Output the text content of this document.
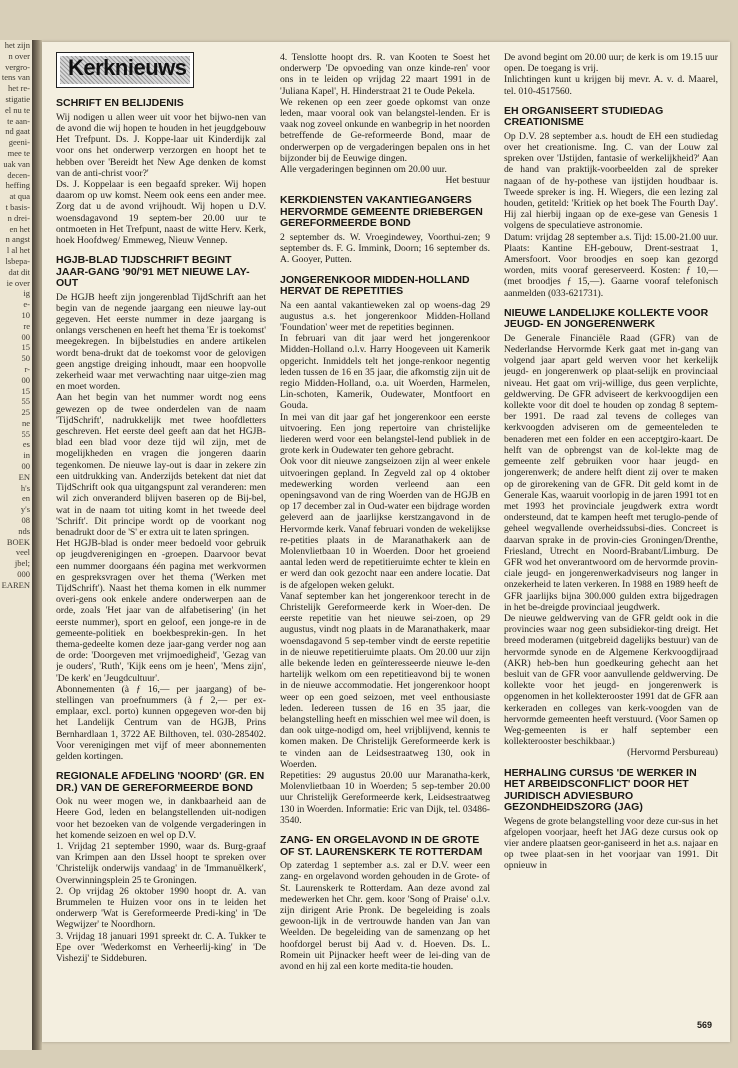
het zijn
n over
vergro-
tens van
het re-
stigatie
el nu te
te aan-
nd gaat
geeni-
mee te
uak van
decen-
heffing
at qua
t basis-
n drei-
en het
n angst
l al het
lsbepa-
dat dit
ie over
ig
e-
10
re
00
15
50
r-
00
15
55
25
ne
55
es
in
00
EN
h's
en
y's
08
nds
BOEK
veel
jbel;
000
EAREN
Kerknieuws
SCHRIFT EN BELIJDENIS

Wij nodigen u allen weer uit voor het bijwo-nen van de avond die wij hopen te houden in het jeugdgebouw Het Trefpunt. Ds. J. Koppe-laar uit Kinderdijk zal voor ons het onderwerp verzorgen en hoopt het te hebben over 'Bereidt het New Age denken de komst van de anti-christ voor?'

Ds. J. Koppelaar is een begaafd spreker. Wij hopen daarom op uw komst. Neem ook eens een ander mee. Zorg dat u de avond vrijhoudt. Wij hopen u D.V. woensdagavond 19 septem-ber 20.00 uur te ontmoeten in Het Trefpunt, naast de witte Herv. Kerk, hoek Hoofdweg/ Emmeweg, Nieuw Vennep.

HGJB-BLAD TIJDSCHRIFT BEGINT JAAR-GANG '90/'91 MET NIEUWE LAY-OUT

De HGJB heeft zijn jongerenblad TijdSchrift aan het begin van de negende jaargang een nieuwe lay-out gegeven. Het eerste nummer in deze jaargang is onlangs verschenen en heeft het thema 'Er is toekomst' meegekregen. In bijbelstudies en andere artikelen wordt bena-drukt dat de toekomst voor de gelovigen geen angstige dreiging inhoudt, maar een hoopvolle zekerheid waar met verwachting naar uitge-zien mag en moet worden.

Aan het begin van het nummer wordt nog eens gewezen op de twee onderdelen van de naam 'TijdSchrift', nadrukkelijk met twee hoofdletters geschreven. Het eerste deel geeft aan dat het HGJB-blad een blad voor deze tijd wil zijn, met de mogelijkheden en vragen die jongeren daarin tegenkomen. De nieuwe lay-out is daar in zekere zin een uitdrukking van. Anderzijds betekent dat niet dat TijdSchrift ook qua uitgangspunt zal veranderen: men wil zich onveranderd blijven baseren op de Bij-bel, wat in de naam tot uiting komt in het tweede deel 'Schrift'. Dit principe wordt op de voorkant nog benadrukt door de 'S' er extra uit te laten springen.

Het HGJB-blad is onder meer bedoeld voor gebruik op jeugdverenigingen en -groepen. Daarvoor bevat een nummer doorgaans één pagina met werkvormen en gespreksvragen over het thema ('Werken met TijdSchrift'). Naast het thema komen in elk nummer overi-gens ook enkele andere onderwerpen aan de orde, zoals 'Het jaar van de alfabetisering' (in het eerste nummer), sport en geloof, een jonge-re in de gemeente-politiek en boekbesprekin-gen. In het thema-gedeelte komen deze jaar-gang verder nog aan de orde: 'Doorgeven met vrijmoedigheid', 'Gezag van je ouders', 'Ruth', 'Kijk eens om je heen', 'Mens zijn', 'De kerk' en 'Jeugdcultuur'.

Abonnementen (à ƒ 16,— per jaargang) of be-stellingen van proefnummers (à ƒ 2,— per ex-emplaar, excl. porto) kunnen opgegeven wor-den bij het Landelijk Centrum van de HGJB, Prins Bernhardlaan 1, 3722 AE Bilthoven, tel. 030-285402. Voor verenigingen met vijf of meer abonnementen gelden kortingen.

REGIONALE AFDELING 'NOORD' (GR. EN DR.) VAN DE GEREFORMEERDE BOND

Ook nu weer mogen we, in dankbaarheid aan de Heere God, leden en belangstellenden uit-nodigen voor het bezoeken van de volgende vergaderingen in het komende seizoen en wel op D.V.

1. Vrijdag 21 september 1990, waar ds. Burg-graaf van Krimpen aan den IJssel hoopt te spreken over 'Christelijk onderwijs vandaag' in de 'Immanuëlkerk', Overwinningsplein 25 te Groningen.

2. Op vrijdag 26 oktober 1990 hoopt dr. A. van Brummelen te Huizen voor ons in te leiden het onderwerp 'Wat is Gereformeerde Predi-king' in 'De Wegwijzer' te Noordhorn.

3. Vrijdag 18 januari 1991 spreekt dr. C. A. Tukker te Epe over 'Wederkomst en Verheerlij-king' in 'De Vishezij' te Siddeburen.

4. Tenslotte hoopt drs. R. van Kooten te Soest het onderwerp 'De opvoeding van onze kinde-ren' voor ons in te leiden op vrijdag 22 maart 1991 in de 'Juliana Kapel', H. Hinderstraat 21 te Oude Pekela.

We rekenen op een zeer goede opkomst van onze leden, maar vooral ook van belangstel-lenden. Er is vaak nog zoveel onkunde en wanbegrip in het noorden betreffende de Ge-reformeerde Bond, maar de onderwerpen op de vergaderingen bepalen ons in het bijzonder bij de Eeuwige dingen.

Alle vergaderingen beginnen om 20.00 uur.

Het bestuur

KERKDIENSTEN VAKANTIEGANGERS HERVORMDE GEMEENTE DRIEBERGEN GEREFORMEERDE BOND

2 september ds. W. Vroegindewey, Voorthui-zen; 9 september ds. F. G. Immink, Doorn; 16 september ds. A. Gooyer, Putten.

JONGERENKOOR MIDDEN-HOLLAND HERVAT DE REPETITIES

Na een aantal vakantieweken zal op woens-dag 29 augustus a.s. het jongerenkoor Midden-Holland 'Foundation' weer met de repetities beginnen.

In februari van dit jaar werd het jongerenkoor Midden-Holland o.l.v. Harry Hoogeveen uit Kamerik opgericht. Inmiddels telt het jonge-renkoor negentig leden tussen de 16 en 35 jaar, die afkomstig zijn uit de regio Midden-Holland, o.a. uit Woerden, Harmelen, Lin-schoten, Kamerik, Oudewater, Montfoort en Gouda.

In mei van dit jaar gaf het jongerenkoor een eerste uitvoering. Een jong repertoire van christelijke liederen werd voor een belangstel-lend publiek in de grote kerk in Oudewater ten gehore gebracht.

Ook voor dit nieuwe zangseizoen zijn al weer enkele uitvoeringen gepland. In Zegveld zal op 4 oktober medewerking worden verleend aan een openingsavond van de ring Woerden van de HGJB en op 17 december zal in Oud-water een bijdrage worden geleverd aan de jaarlijkse kerstzangavond in de Hervormde kerk. Vanaf februari vonden de wekelijkse re-petities plaats in de Maranathakerk aan de Molenvlietbaan 10 in Woerden. Door het groeiend aantal leden werd de repetitieruimte echter te klein en er werd dan ook gezocht naar een andere locatie. Dat is de afgelopen weken gelukt.

Vanaf september kan het jongerenkoor terecht in de Christelijk Gereformeerde kerk in Woer-den. De eerste repetitie van het nieuwe sei-zoen, op 29 augustus, vindt nog plaats in de Maranathakerk, maar woensdagavond 5 sep-tember vindt de eerste repetitie in de nieuwe repetitieruimte plaats. Om 20.00 uur zijn alle bekende leden en geïnteresseerde nieuwe le-den hartelijk welkom om een repetitieavond bij te wonen in de nieuwe accommodatie. Het jongerenkoor hoopt weer op een goed seizoen, met veel enthousiaste leden. Iedereen tussen de 16 en 35 jaar, die belangstelling heeft en misschien wel mee wil doen, is dan ook uitge-nodigd om, heel vrijblijvend, kennis te komen maken. De Christelijk Gereformeerde kerk is te vinden aan de Leidsestraatweg 130, ook in Woerden.

Repetities: 29 augustus 20.00 uur Maranatha-kerk, Molenvlietbaan 10 in Woerden; 5 sep-tember 20.00 uur Christelijk Gereformeerde kerk, Leidsestraatweg 130 in Woerden. Informatie: Eric van Dijk, tel. 03486-3540.

ZANG- EN ORGELAVOND IN DE GROTE OF ST. LAURENSKERK TE ROTTERDAM

Op zaterdag 1 september a.s. zal er D.V. weer een zang- en orgelavond worden gehouden in de Grote- of St. Laurenskerk te Rotterdam. Aan deze avond zal medewerken het Chr. gem. koor 'Song of Praise' o.l.v. zijn dirigent Arie Pronk. De begeleiding is zoals gewoon-lijk in de vertrouwde handen van Jan van Weelden. De begeleiding van de samenzang op het hoofdorgel berust bij Aad v. d. Hoeven. Ds. L. Romein uit Pijnacker heeft weer de lei-ding van de avond en hij zal een korte medita-tie houden.

De avond begint om 20.00 uur; de kerk is om 19.15 uur open. De toegang is vrij.

Inlichtingen kunt u krijgen bij mevr. A. v. d. Maarel, tel. 010-4517560.

EH ORGANISEERT STUDIEDAG CREATIONISME

Op D.V. 28 september a.s. houdt de EH een studiedag over het creationisme. Ing. C. van der Louw zal spreken over 'IJstijden, fantasie of werkelijkheid?' Aan de hand van praktijk-voorbeelden zal de spreker nagaan of de hy-pothese van ijstijden houdbaar is. Tweede spreker is ing. H. Wiegers, die een lezing zal houden, getiteld: 'Kritiek op het boek The Fourth Day'. Hij zal hierbij ingaan op de exe-gese van Genesis 1 volgens de speculatieve astronomie.

Datum: vrijdag 28 september a.s. Tijd: 15.00-21.00 uur. Plaats: Kantine EH-gebouw, Drent-sestraat 1, Amersfoort. Voor broodjes en soep kan gezorgd worden, mits vooraf gereserveerd. Kosten: ƒ 10,— (met broodjes ƒ 15,—). Gaarne vooraf telefonisch aanmelden (033-621731).

NIEUWE LANDELIJKE KOLLEKTE VOOR JEUGD- EN JONGERENWERK

De Generale Financiële Raad (GFR) van de Nederlandse Hervormde Kerk gaat met in-gang van volgend jaar apart geld werven voor het kerkelijk jeugd- en jongerenwerk op plaat-selijk en provinciaal niveau. Het gaat om vrij-willige, dus geen verplichte, geldwerving. De GFR adviseert de kerkvoogdijen een kollekte voor dit doel te houden op zondag 8 septem-ber 1991. De raad zal tevens de colleges van kerkvoogden adviseren om de gemeenteleden te benaderen met een folder en een acceptgiro-kaart. De helft van de opbrengst van de kol-lekte mag de gemeente zelf gebruiken voor haar jeugd- en jongerenwerk; de andere helft dient zij over te maken op de girorekening van de GFR. Dit geld komt in de Generale Kas, waaruit voorlopig in de jaren 1991 tot en met 1993 het provinciale jeugdwerk extra wordt ondersteund, dat te kampen heeft met teruglo-pende of geheel wegvallende overheidssubsi-dies. Concreet is daarvan sprake in de provin-cies Groningen/Drenthe, Friesland, Utrecht en Noord-Brabant/Limburg. De GFR wod het onverantwoord om de hervormde provin-ciale jeugd- en jongerenwerkadviseurs nog langer in onzekerheid te laten verkeren. In 1988 en 1989 heeft de GFR jaarlijks bijna 300.000 gulden extra bijgedragen in het be-dreigde provinciaal jeugdwerk.

De nieuwe geldwerving van de GFR geldt ook in die provincies waar nog geen subsidiekor-ting dreigt. Het breed moderamen (uitgebreid dagelijks bestuur) van de hervormde synode en de Algemene Kerkvoogdijraad (AKR) heb-ben hun goedkeuring gehecht aan het besluit van de GFR voor aanvullende geldwerving. De kollekte voor het jeugd- en jongerenwerk is opgenomen in het kollekterooster 1991 dat de GFR aan kerkeraden en colleges van kerk-voogden van de hervormde gemeenten heeft verstuurd. (Voor Samen op Weg-gemeenten is er half september een kollekterooster beschikbaar.)

(Hervormd Persbureau)

HERHALING CURSUS 'DE WERKER IN HET ARBEIDSCONFLICT' DOOR HET JURIDISCH ADVIESBURO GEZONDHEIDSZORG (JAG)

Wegens de grote belangstelling voor deze cur-sus in het afgelopen voorjaar, heeft het JAG deze cursus ook op vier andere plaatsen geor-ganiseerd in het a.s. najaar en op twee plaat-sen in het voorjaar van 1991. Dit opnieuw in

569
